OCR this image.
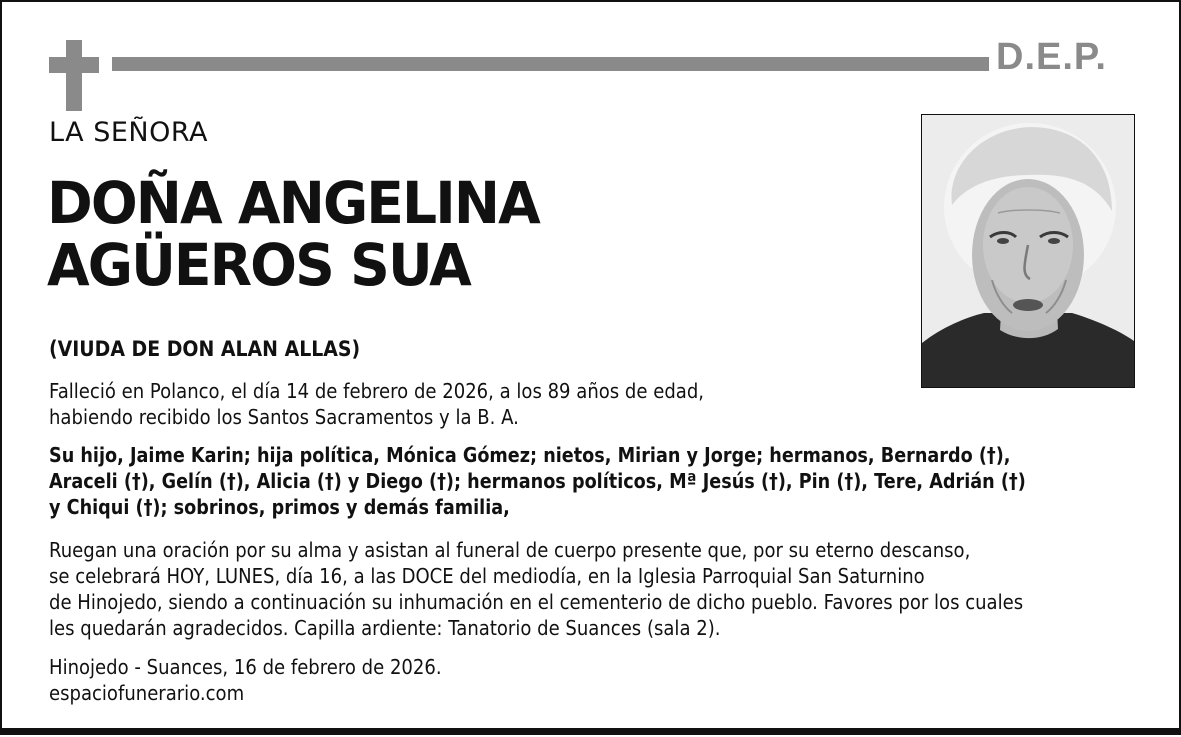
D.E.P.
LA SEÑORA
DOÑA ANGELINA
AGÜEROS SUA
(VIUDA DE DON ALAN ALLAS)
Falleció en Polanco, el día 14 de febrero de 2026, a los 89 años de edad,
habiendo recibido los Santos Sacramentos y la B. A.
Su hijo, Jaime Karin; hija política, Mónica Gómez; nietos, Mirian y Jorge; hermanos, Bernardo (†),
Araceli (†), Gelín (†), Alicia (†) y Diego (†); hermanos políticos, Mª Jesús (†), Pin (†), Tere, Adrián (†)
y Chiqui (†); sobrinos, primos y demás familia,
Ruegan una oración por su alma y asistan al funeral de cuerpo presente que, por su eterno descanso,
se celebrará HOY, LUNES, día 16, a las DOCE del mediodía, en la Iglesia Parroquial San Saturnino
de Hinojedo, siendo a continuación su inhumación en el cementerio de dicho pueblo. Favores por los cuales
les quedarán agradecidos. Capilla ardiente: Tanatorio de Suances (sala 2).
Hinojedo - Suances, 16 de febrero de 2026.
espaciofunerario.com
